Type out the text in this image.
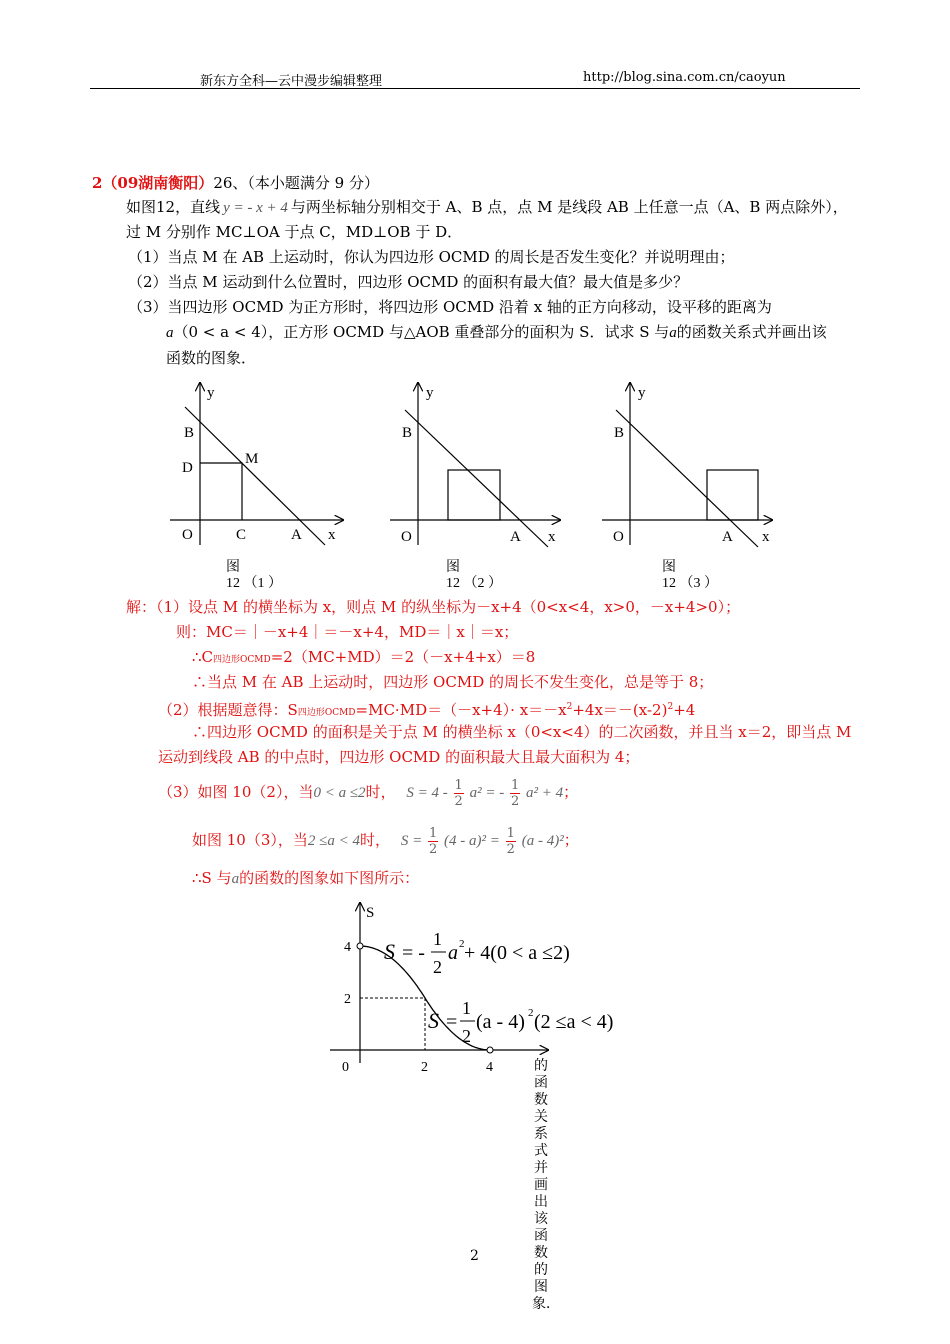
新东方全科—云中漫步编辑整理	http://blog.sina.com.cn/caoyun
2（09湖南衡阳）26、（本小题满分 9 分）
如图12，直线 y = - x + 4 与两坐标轴分别相交于 A、B 点，点 M 是线段 AB 上任意一点（A、B 两点除外），
过 M 分别作 MC⊥OA 于点 C，MD⊥OB 于 D．
（1）当点 M 在 AB 上运动时，你认为四边形 OCMD 的周长是否发生变化？并说明理由；
（2）当点 M 运动到什么位置时，四边形 OCMD 的面积有最大值？最大值是多少？
（3）当四边形 OCMD 为正方形时，将四边形 OCMD 沿着 x 轴的正方向移动，设平移的距离为
a（0 < a < 4），正方形 OCMD 与△AOB 重叠部分的面积为 S．试求 S 与a的函数关系式并画出该
函数的图象．
y
x
O	A
B
C
D
M
图
12 （1 ）
y
x
O	A
B
图
12 （2 ）
y
x
O	A
B
图
12 （3 ）
解：（1）设点 M 的横坐标为 x，则点 M 的纵坐标为－x+4（0<x<4，x>0，－x+4>0）；
则：MC＝｜－x+4｜＝－x+4，MD＝｜x｜＝x；
∴C四边形OCMD=2（MC+MD）＝2（－x+4+x）＝8
∴当点 M 在 AB 上运动时，四边形 OCMD 的周长不发生变化，总是等于 8；
（2）根据题意得：S四边形OCMD=MC·MD＝（－x+4）· $x=-x^2+4x=-(x-2)^2+4$
∴四边形 OCMD 的面积是关于点 M 的横坐标 x（0<x<4）的二次函数，并且当 x＝2，即当点 M
运动到线段 AB 的中点时，四边形 OCMD 的面积最大且最大面积为 4；
（3）如图 10（2），当0 < a ≤2时， $S = 4 - \frac{1}{2} a^2$ = - $\frac{1}{2} a^2 + 4$；
如图 10（3），当2 ≤a < 4时， $S = \frac{1}{2} (4 - a)^2 = \frac{1}{2} (a - 4)^2$；
∴S 与a的函数的图象如下图所示：
S
4
2
0	2	4
S = -
1
2
a 2 + 4(0 < a ≤2)
S =
1
2
(a - 4) 2 (2 ≤a < 4)
的函数关系式并画出该函数的图象．
2
